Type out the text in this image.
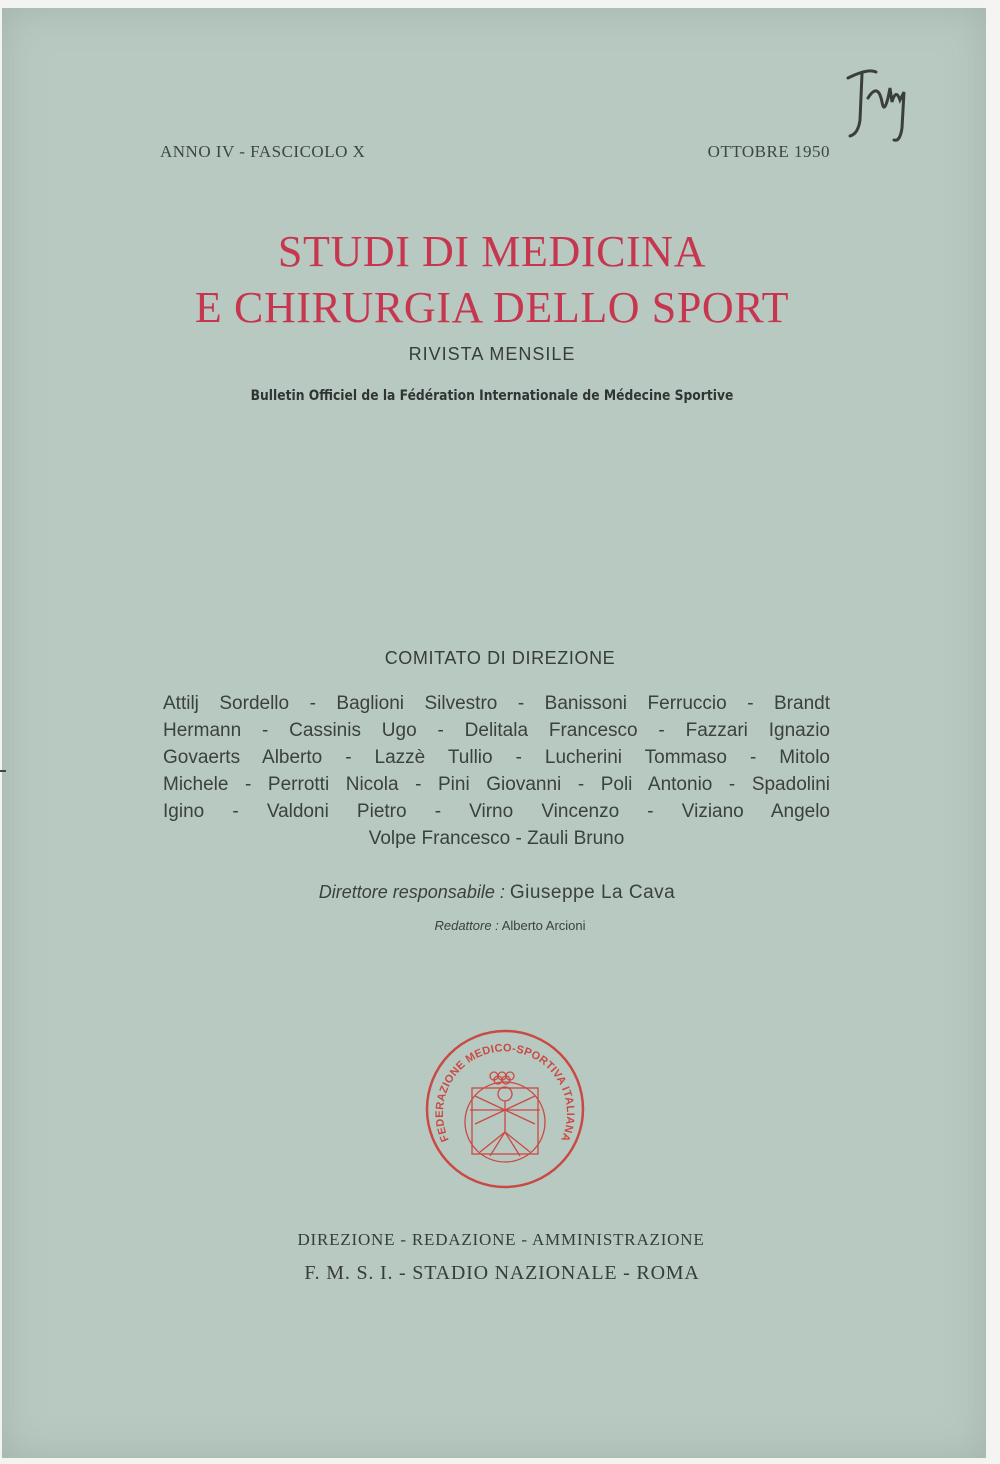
ANNO IV - FASCICOLO X	OTTOBRE 1950
STUDI DI MEDICINA
E CHIRURGIA DELLO SPORT
RIVISTA MENSILE
Bulletin Officiel de la Fédération Internationale de Médecine Sportive
COMITATO DI DIREZIONE
Attilj Sordello - Baglioni Silvestro - Banissoni Ferruccio - Brandt
Hermann - Cassinis Ugo - Delitala Francesco - Fazzari Ignazio
Govaerts Alberto - Lazzè Tullio - Lucherini Tommaso - Mitolo
Michele - Perrotti Nicola - Pini Giovanni - Poli Antonio - Spadolini
Igino - Valdoni Pietro - Virno Vincenzo - Viziano Angelo
Volpe Francesco - Zauli Bruno
Direttore responsabile : Giuseppe La Cava
Redattore : Alberto Arcioni
FEDERAZIONE MEDICO-SPORTIVA ITALIANA
DIREZIONE - REDAZIONE - AMMINISTRAZIONE
F. M. S. I. - STADIO NAZIONALE - ROMA
